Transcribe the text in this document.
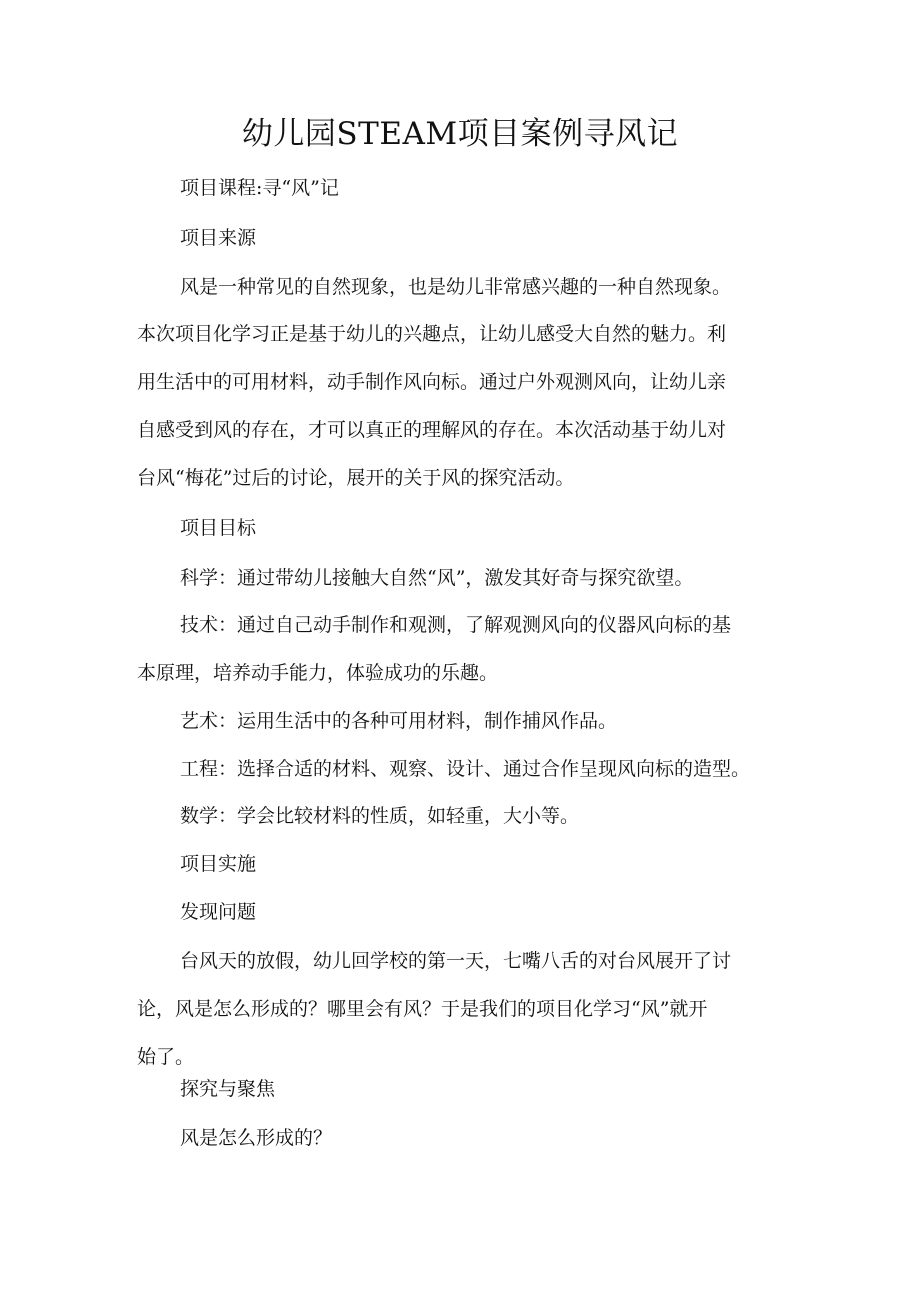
幼儿园STEAM项目案例寻风记
项目课程:寻“风”记
项目来源
风是一种常见的自然现象，也是幼儿非常感兴趣的一种自然现象。
本次项目化学习正是基于幼儿的兴趣点，让幼儿感受大自然的魅力。利
用生活中的可用材料，动手制作风向标。通过户外观测风向，让幼儿亲
自感受到风的存在，才可以真正的理解风的存在。本次活动基于幼儿对
台风“梅花”过后的讨论，展开的关于风的探究活动。
项目目标
科学：通过带幼儿接触大自然“风”，激发其好奇与探究欲望。
技术：通过自己动手制作和观测，了解观测风向的仪器风向标的基
本原理，培养动手能力，体验成功的乐趣。
艺术：运用生活中的各种可用材料，制作捕风作品。
工程：选择合适的材料、观察、设计、通过合作呈现风向标的造型。
数学：学会比较材料的性质，如轻重，大小等。
项目实施
发现问题
台风天的放假，幼儿回学校的第一天，七嘴八舌的对台风展开了讨
论，风是怎么形成的？哪里会有风？于是我们的项目化学习“风”就开
始了。
探究与聚焦
风是怎么形成的？
